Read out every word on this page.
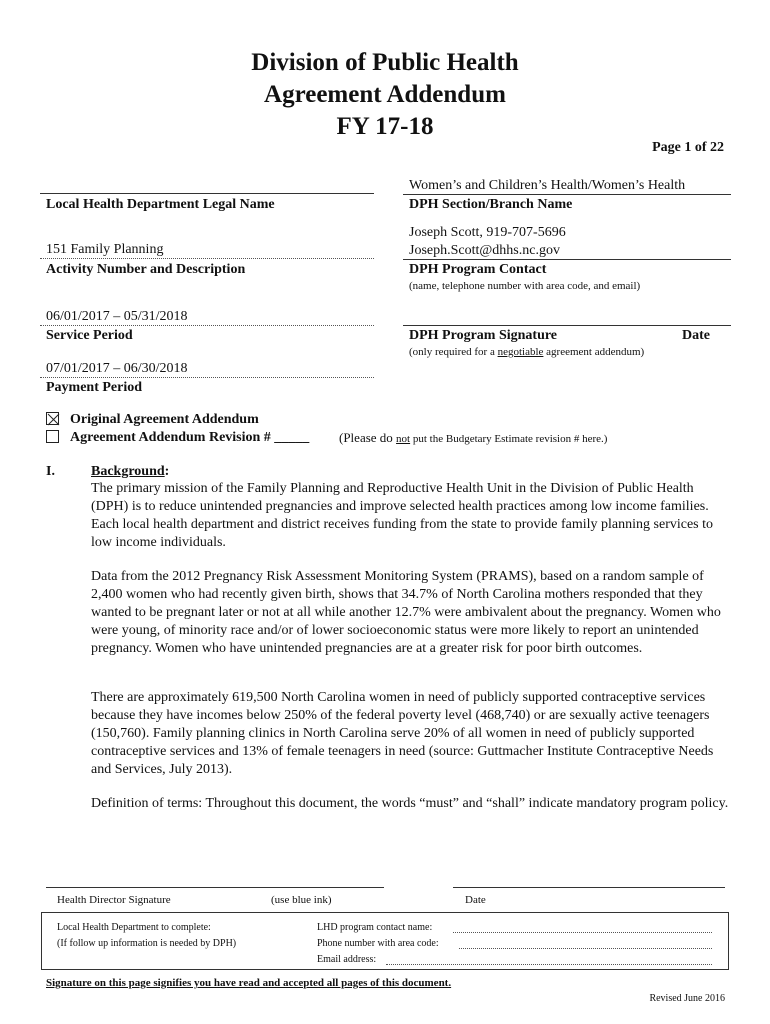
Division of Public Health
Agreement Addendum
FY 17-18
Page 1 of 22
Local Health Department Legal Name
151 Family Planning
Activity Number and Description
06/01/2017 – 05/31/2018
Service Period
07/01/2017 – 06/30/2018
Payment Period
Women’s and Children’s Health/Women’s Health
DPH Section/Branch Name
Joseph Scott, 919-707-5696
Joseph.Scott@dhhs.nc.gov
DPH Program Contact
(name, telephone number with area code, and email)
DPH Program Signature	Date
(only required for a negotiable agreement addendum)
Original Agreement Addendum
Agreement Addendum Revision # _____ (Please do not put the Budgetary Estimate revision # here.)
I.	Background:
The primary mission of the Family Planning and Reproductive Health Unit in the Division of Public Health (DPH) is to reduce unintended pregnancies and improve selected health practices among low income families. Each local health department and district receives funding from the state to provide family planning services to low income individuals.
Data from the 2012 Pregnancy Risk Assessment Monitoring System (PRAMS), based on a random sample of 2,400 women who had recently given birth, shows that 34.7% of North Carolina mothers responded that they wanted to be pregnant later or not at all while another 12.7% were ambivalent about the pregnancy. Women who were young, of minority race and/or of lower socioeconomic status were more likely to report an unintended pregnancy. Women who have unintended pregnancies are at a greater risk for poor birth outcomes.
There are approximately 619,500 North Carolina women in need of publicly supported contraceptive services because they have incomes below 250% of the federal poverty level (468,740) or are sexually active teenagers (150,760). Family planning clinics in North Carolina serve 20% of all women in need of publicly supported contraceptive services and 13% of female teenagers in need (source: Guttmacher Institute Contraceptive Needs and Services, July 2013).
Definition of terms: Throughout this document, the words “must” and “shall” indicate mandatory program policy.
Health Director Signature	(use blue ink)	Date
Local Health Department to complete:
(If follow up information is needed by DPH)
LHD program contact name:
Phone number with area code:
Email address:
Signature on this page signifies you have read and accepted all pages of this document.
Revised June 2016
